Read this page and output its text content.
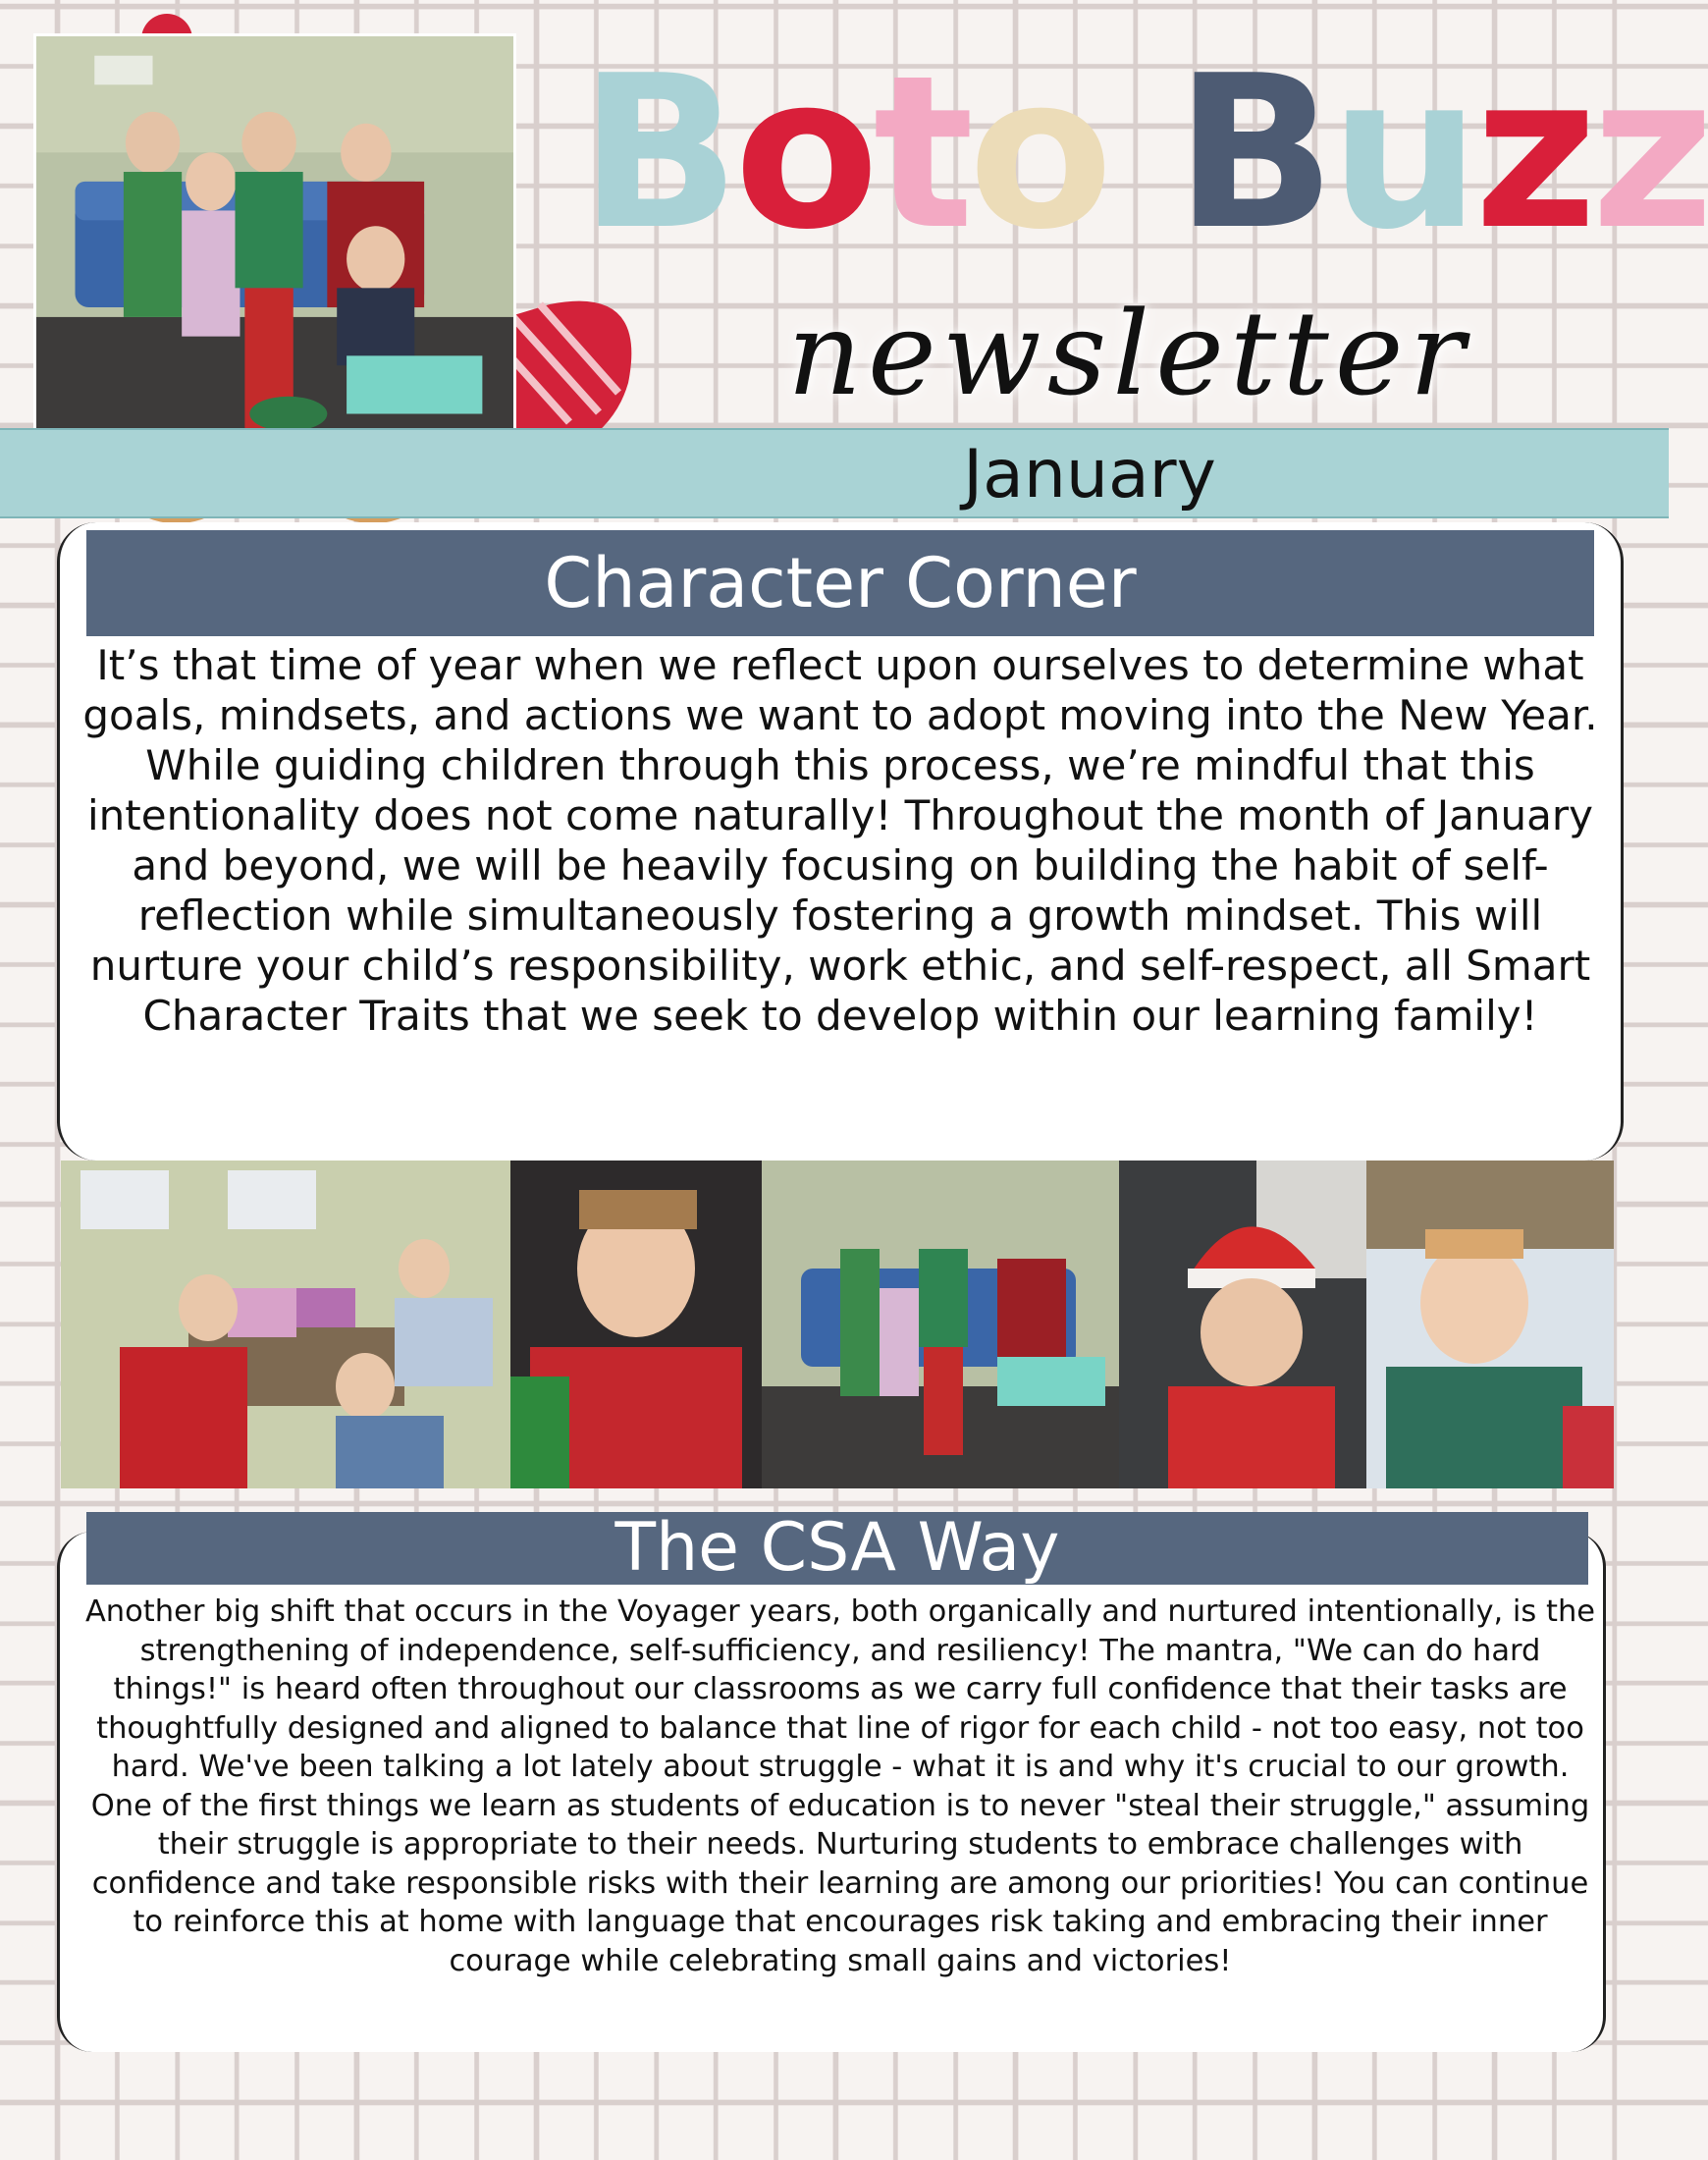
B o t o
B u z z
newsletter
January
Character Corner
It’s that time of year when we reflect upon ourselves to determine what goals, mindsets, and actions we want to adopt moving into the New Year. While guiding children through this process, we’re mindful that this intentionality does not come naturally! Throughout the month of January and beyond, we will be heavily focusing on building the habit of self-reflection while simultaneously fostering a growth mindset. This will nurture your child’s responsibility, work ethic, and self-respect, all Smart Character Traits that we seek to develop within our learning family!
The CSA Way
Another big shift that occurs in the Voyager years, both organically and nurtured intentionally, is the strengthening of independence, self-sufficiency, and resiliency! The mantra, "We can do hard things!" is heard often throughout our classrooms as we carry full confidence that their tasks are thoughtfully designed and aligned to balance that line of rigor for each child - not too easy, not too hard. We've been talking a lot lately about struggle - what it is and why it's crucial to our growth. One of the first things we learn as students of education is to never "steal their struggle," assuming their struggle is appropriate to their needs. Nurturing students to embrace challenges with confidence and take responsible risks with their learning are among our priorities! You can continue to reinforce this at home with language that encourages risk taking and embracing their inner courage while celebrating small gains and victories!
